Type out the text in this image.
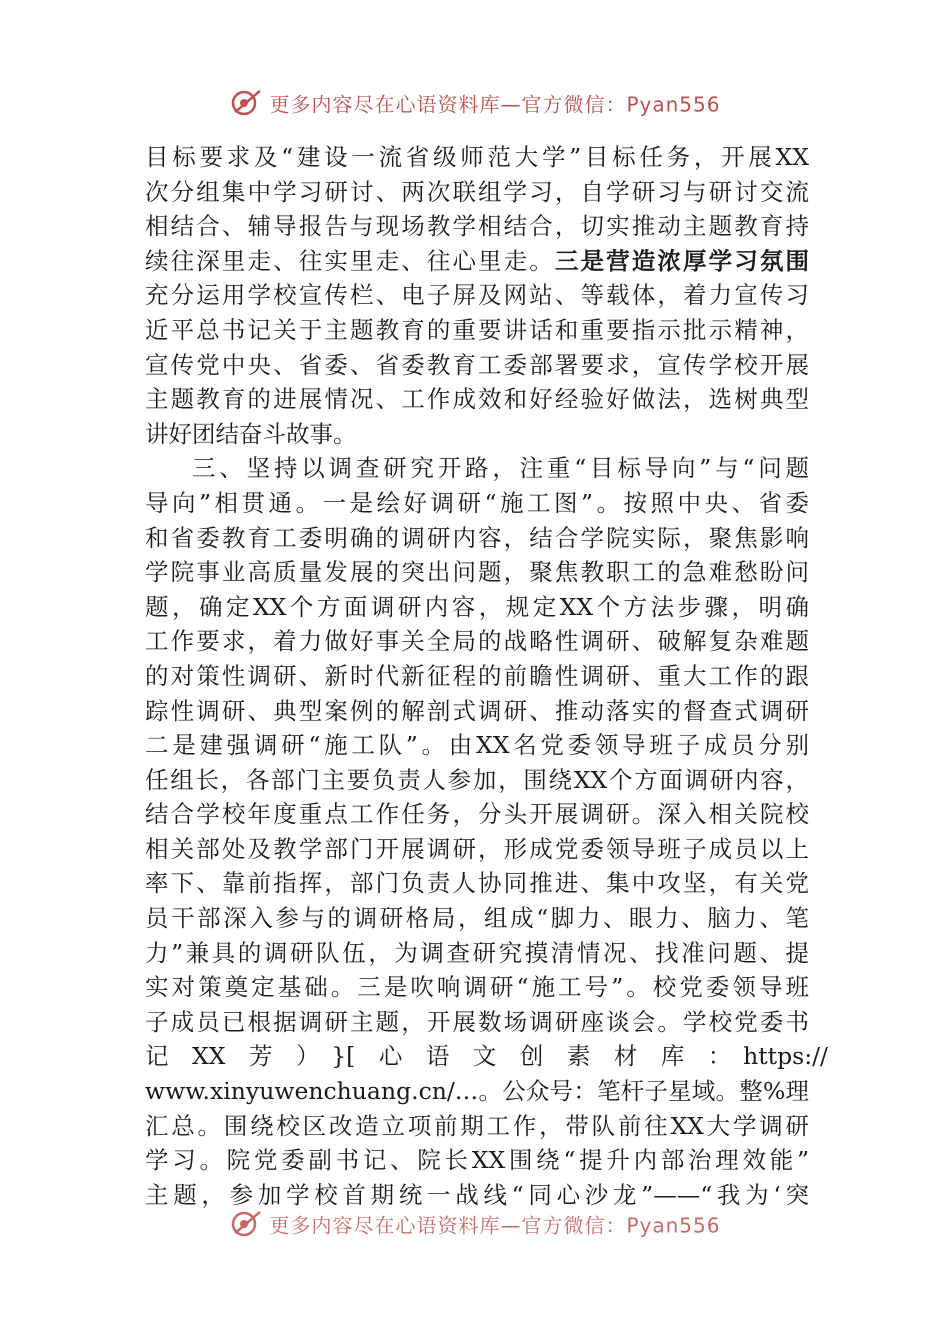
更多内容尽在心语资料库—官方微信：Pyan556
目标要求及“建设一流省级师范大学”目标任务，开展XX
次分组集中学习研讨、两次联组学习，自学研习与研讨交流
相结合、辅导报告与现场教学相结合，切实推动主题教育持
续往深里走、往实里走、往心里走。三是营造浓厚学习氛围
充分运用学校宣传栏、电子屏及网站、等载体，着力宣传习
近平总书记关于主题教育的重要讲话和重要指示批示精神，
宣传党中央、省委、省委教育工委部署要求，宣传学校开展
主题教育的进展情况、工作成效和好经验好做法，选树典型
讲好团结奋斗故事。
三、坚持以调查研究开路，注重“目标导向”与“问题
导向”相贯通。一是绘好调研“施工图”。按照中央、省委
和省委教育工委明确的调研内容，结合学院实际，聚焦影响
学院事业高质量发展的突出问题，聚焦教职工的急难愁盼问
题，确定XX个方面调研内容，规定XX个方法步骤，明确
工作要求，着力做好事关全局的战略性调研、破解复杂难题
的对策性调研、新时代新征程的前瞻性调研、重大工作的跟
踪性调研、典型案例的解剖式调研、推动落实的督查式调研
二是建强调研“施工队”。由XX名党委领导班子成员分别
任组长，各部门主要负责人参加，围绕XX个方面调研内容，
结合学校年度重点工作任务，分头开展调研。深入相关院校
相关部处及教学部门开展调研，形成党委领导班子成员以上
率下、靠前指挥，部门负责人协同推进、集中攻坚，有关党
员干部深入参与的调研格局，组成“脚力、眼力、脑力、笔
力”兼具的调研队伍，为调查研究摸清情况、找准问题、提
实对策奠定基础。三是吹响调研“施工号”。校党委领导班
子成员已根据调研主题，开展数场调研座谈会。学校党委书
记　XX　芳　）　}[　心　语　文　创　素　材　库　：　https://
www.xinyuwenchuang.cn/…。公众号：笔杆子星域。整%理
汇总。围绕校区改造立项前期工作，带队前往XX大学调研
学习。院党委副书记、院长XX围绕“提升内部治理效能”
主题，参加学校首期统一战线“同心沙龙”——“我为‘突
更多内容尽在心语资料库—官方微信：Pyan556
